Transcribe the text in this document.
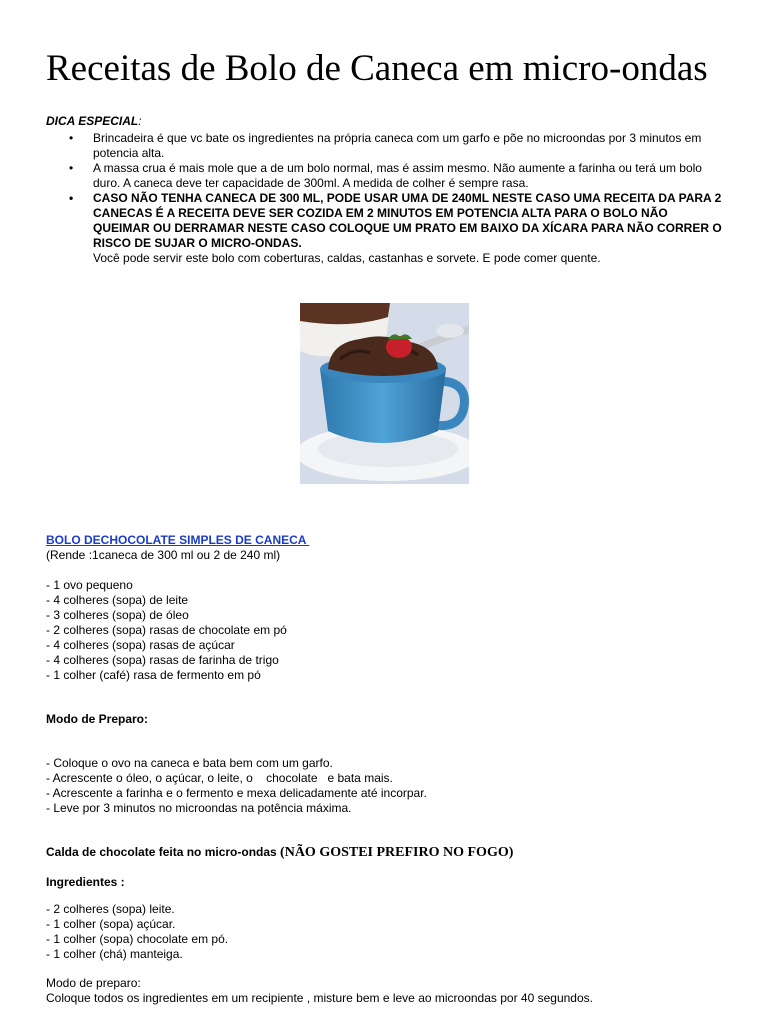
Receitas de Bolo de Caneca em micro-ondas
DICA ESPECIAL:
• Brincadeira é que vc bate os ingredientes na própria caneca com um garfo e põe no microondas por 3 minutos em potencia alta.
• A massa crua é mais mole que a de um bolo normal, mas é assim mesmo. Não aumente a farinha ou terá um bolo duro. A caneca deve ter capacidade de 300ml. A medida de colher é sempre rasa.
• CASO NÃO TENHA CANECA DE 300 ML, PODE USAR UMA DE 240ML NESTE CASO UMA RECEITA DA PARA 2 CANECAS É A RECEITA DEVE SER COZIDA EM 2 MINUTOS EM POTENCIA ALTA PARA O BOLO NÃO QUEIMAR OU DERRAMAR NESTE CASO COLOQUE UM PRATO EM BAIXO DA XÍCARA PARA NÃO CORRER O RISCO DE SUJAR O MICRO-ONDAS.
Você pode servir este bolo com coberturas, caldas, castanhas e sorvete. E pode comer quente.
BOLO DECHOCOLATE SIMPLES DE CANECA
(Rende :1caneca de 300 ml ou 2 de 240 ml)
- 1 ovo pequeno
- 4 colheres (sopa) de leite
- 3 colheres (sopa) de óleo
- 2 colheres (sopa) rasas de chocolate em pó
- 4 colheres (sopa) rasas de açúcar
- 4 colheres (sopa) rasas de farinha de trigo
- 1 colher (café) rasa de fermento em pó
Modo de Preparo:
- Coloque o ovo na caneca e bata bem com um garfo.
- Acrescente o óleo, o açúcar, o leite, o    chocolate   e bata mais.
- Acrescente a farinha e o fermento e mexa delicadamente até incorpar.
- Leve por 3 minutos no microondas na potência máxima.
Calda de chocolate feita no micro-ondas (NÃO GOSTEI PREFIRO NO FOGO)
Ingredientes :
- 2 colheres (sopa) leite.
- 1 colher (sopa) açúcar.
- 1 colher (sopa) chocolate em pó.
- 1 colher (chá) manteiga.
Modo de preparo:
Coloque todos os ingredientes em um recipiente , misture bem e leve ao microondas por 40 segundos.
